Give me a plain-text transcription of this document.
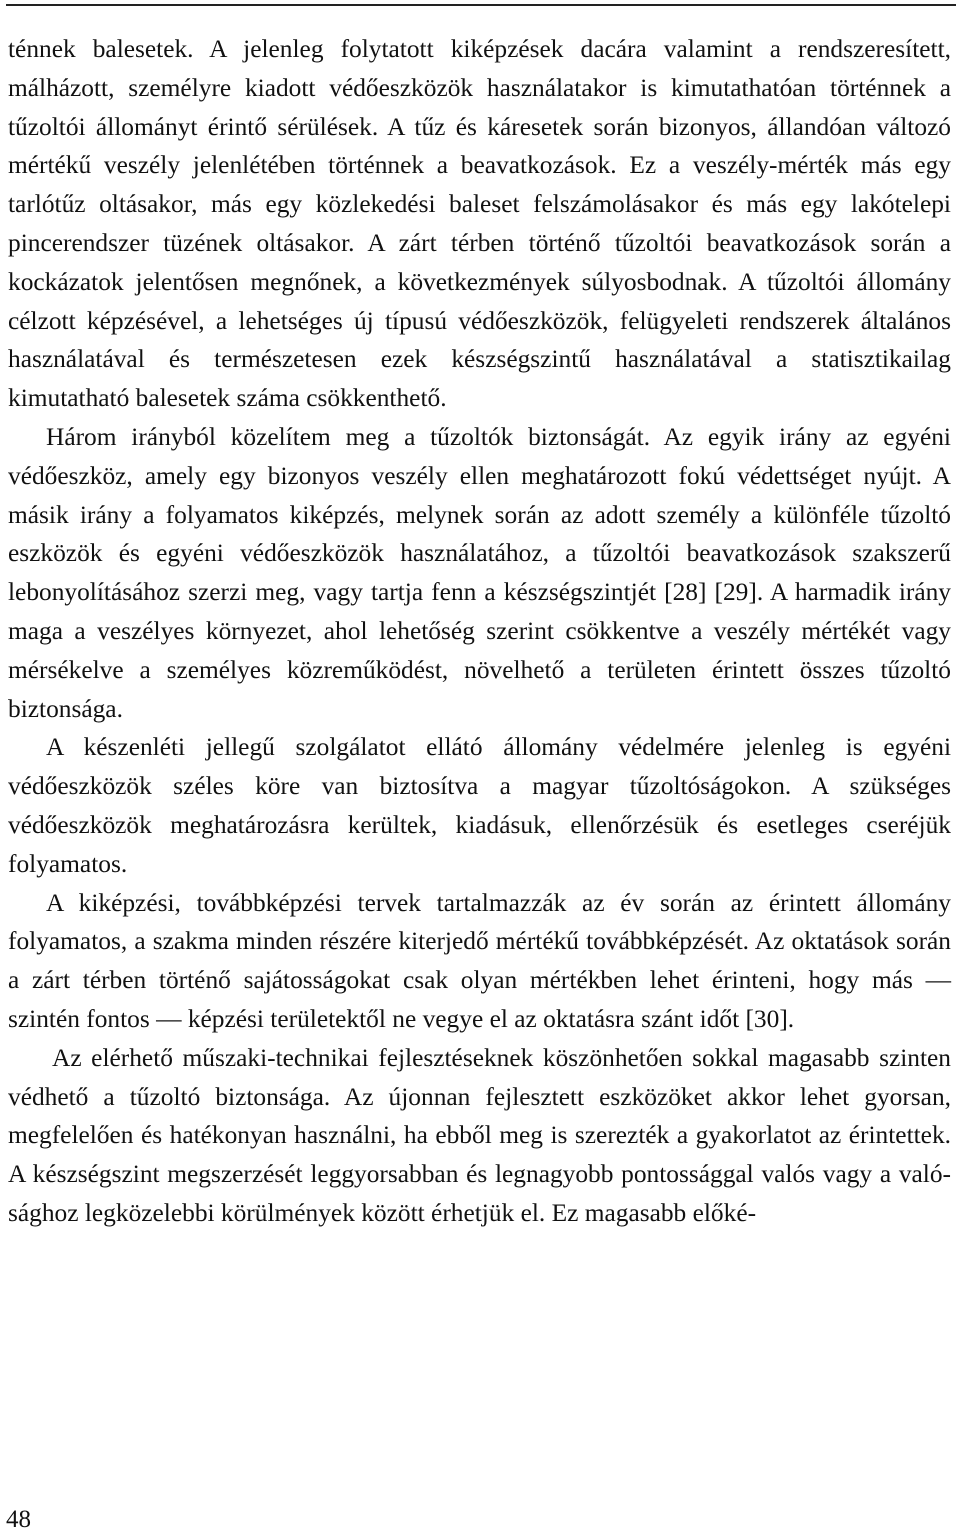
ténnek balesetek. A jelenleg folytatott kiképzések dacára valamint a rendszeresített, málházott, személyre kiadott védőeszközök használatakor is kimutathatóan történnek a tűzoltói állományt érintő sérülések. A tűz és káresetek során bizonyos, állandóan változó mértékű veszély jelenlétében történnek a beavatkozások. Ez a veszély-mérték más egy tarlótűz oltásakor, más egy közlekedési baleset felszámolásakor és más egy lakótelepi pincerendszer tüzének oltásakor. A zárt térben történő tűzoltói beavatkozások során a kockázatok jelentősen megnőnek, a következmények súlyosbodnak. A tűzoltói állomány célzott képzésével, a lehetséges új típusú védőeszközök, felügyeleti rendszerek általános használatával és természetesen ezek készségszintű használatával a statisztikailag kimutatható balesetek száma csökkenthető.

Három irányból közelítem meg a tűzoltók biztonságát. Az egyik irány az egyéni védőeszköz, amely egy bizonyos veszély ellen meghatározott fokú védettséget nyújt. A másik irány a folyamatos kiképzés, melynek során az adott személy a különféle tűzoltó eszközök és egyéni védőeszközök használatához, a tűzoltói beavatkozások szakszerű lebonyolításához szerzi meg, vagy tartja fenn a készségszintjét [28] [29]. A harmadik irány maga a veszélyes környezet, ahol lehetőség szerint csökkentve a veszély mértékét vagy mérsékelve a személyes közreműködést, növelhető a területen érintett összes tűzoltó biztonsága.

A készenléti jellegű szolgálatot ellátó állomány védelmére jelenleg is egyéni védőeszközök széles köre van biztosítva a magyar tűzoltóságokon. A szükséges védőeszközök meghatározásra kerültek, kiadásuk, ellenőrzésük és esetleges cseréjük folyamatos.

A kiképzési, továbbképzési tervek tartalmazzák az év során az érintett állomány folyamatos, a szakma minden részére kiterjedő mértékű továbbképzését. Az oktatások során a zárt térben történő sajátosságokat csak olyan mértékben lehet érinteni, hogy más — szintén fontos — képzési területektől ne vegye el az oktatásra szánt időt [30].

Az elérhető műszaki-technikai fejlesztéseknek köszönhetően sokkal magasabb szinten védhető a tűzoltó biztonsága. Az újonnan fejlesztett eszközöket akkor lehet gyorsan, megfelelően és hatékonyan használni, ha ebből meg is szerezték a gyakorlatot az érintettek. A készségszint megszerzését leggyorsabban és legnagyobb pontossággal valós vagy a valósághoz legközelebbi körülmények között érhetjük el. Ez magasabb előké-

48
